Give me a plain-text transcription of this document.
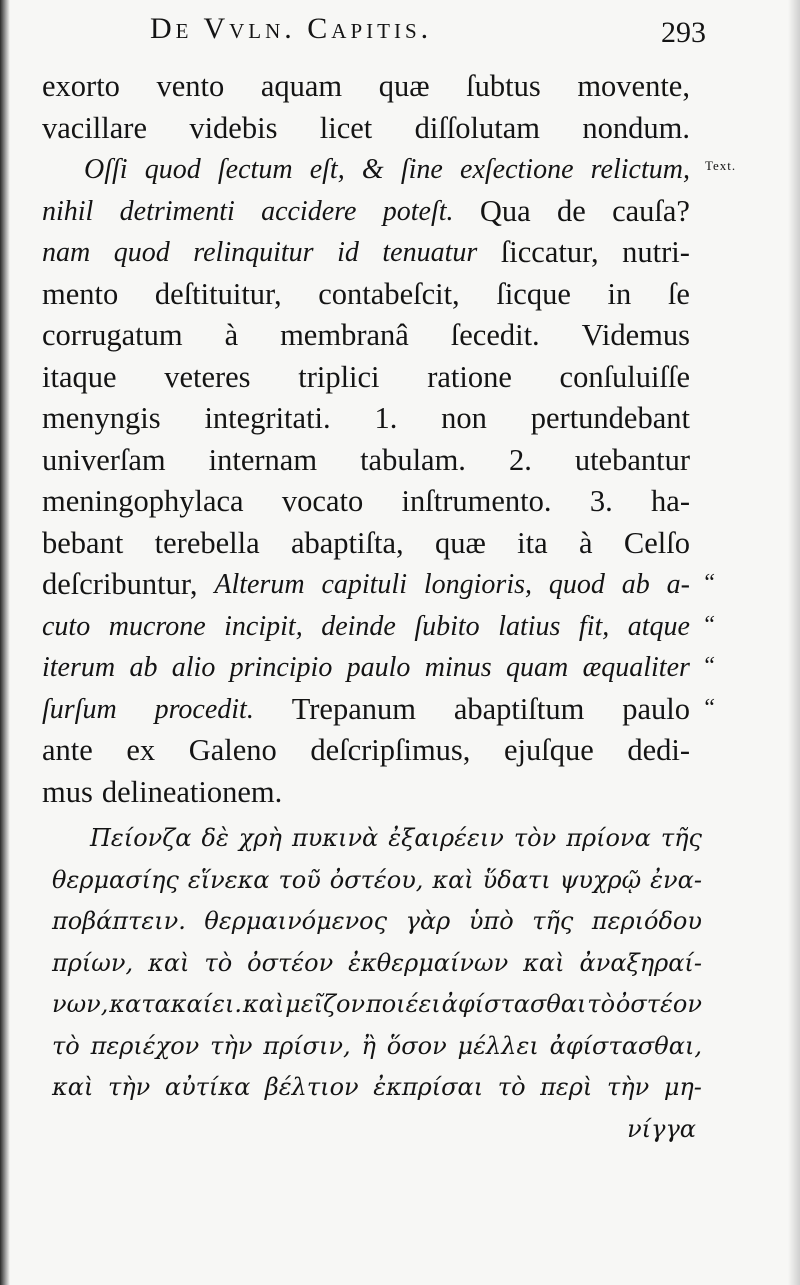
De Vvln. Capitis.	293
exorto vento aquam quæ ſubtus movente,
vacillare videbis licet diſſolutam nondum.
Oſſi quod ſectum eſt, & ſine exſectione relictum,
nihil detrimenti accidere poteſt. Qua de cauſa?
nam quod relinquitur id tenuatur ſiccatur, nutri-
mento deſtituitur, contabeſcit, ſicque in ſe
corrugatum à membranâ ſecedit. Videmus
itaque veteres triplici ratione conſuluiſſe
menyngis integritati. 1. non pertundebant
univerſam internam tabulam. 2. utebantur
meningophylaca vocato inſtrumento. 3. ha-
bebant terebella abaptiſta, quæ ita à Celſo
deſcribuntur, Alterum capituli longioris, quod ab a-
cuto mucrone incipit, deinde ſubito latius fit, atque
iterum ab alio principio paulo minus quam æqualiter
ſurſum procedit. Trepanum abaptiſtum paulo
ante ex Galeno deſcripſimus, ejuſque dedi-
mus delineationem.
Text.
“
“
“
“
Πείονζα δὲ χρὴ πυκινὰ ἐξαιρέειν τὸν πρίονα τῆς
θερμασίης εἵνεκα τοῦ ὀστέου, καὶ ὕδατι ψυχρῷ ἐνα-
ποβάπτειν. θερμαινόμενος γὰρ ὑπὸ τῆς περιόδου
πρίων, καὶ τὸ ὀστέον ἐκθερμαίνων καὶ ἀναξηραί-
νων, κατακαίει. καὶ μεῖζον ποιέει ἀφίστασθαι τὸ ὀστέον
τὸ περιέχον τὴν πρίσιν, ἢ ὅσον μέλλει ἀφίστασθαι,
καὶ τὴν αὐτίκα βέλτιον ἐκπρίσαι τὸ περὶ τὴν μη-
νίγγα
